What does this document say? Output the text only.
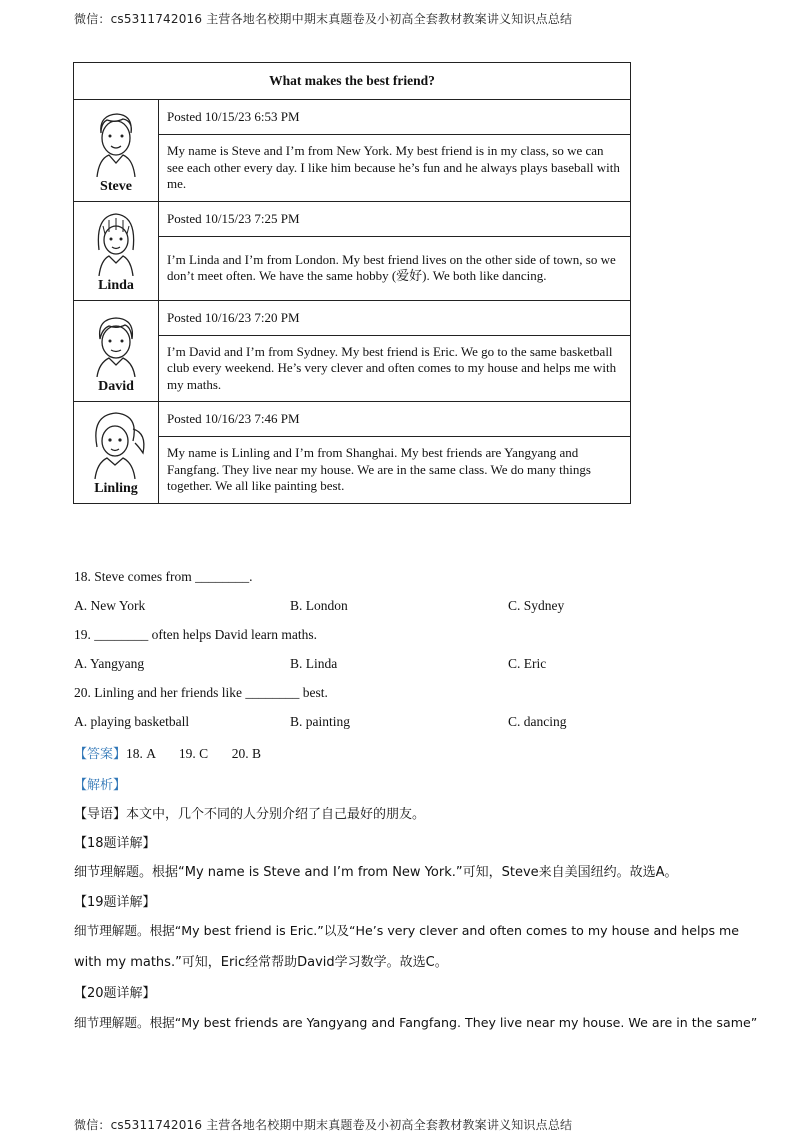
微信：cs5311742016 主营各地名校期中期末真题卷及小初高全套教材教案讲义知识点总结
What makes the best friend?	

Steve	Posted 10/15/23 6:53 PM
	My name is Steve and I’m from New York. My best friend is in my class, so we can see each other every day. I like him because he’s fun and he always plays baseball with me.

Linda	Posted 10/15/23 7:25 PM
	I’m Linda and I’m from London. My best friend lives on the other side of town, so we don’t meet often. We have the same hobby (爱好). We both like dancing.

David	Posted 10/16/23 7:20 PM
	I’m David and I’m from Sydney. My best friend is Eric. We go to the same basketball club every weekend. He’s very clever and often comes to my house and helps me with my maths.

Linling	Posted 10/16/23 7:46 PM
	My name is Linling and I’m from Shanghai. My best friends are Yangyang and Fangfang. They live near my house. We are in the same class. We do many things together. We all like painting best.
18. Steve comes from ________.
A. New York	B. London	C. Sydney
19. ________ often helps David learn maths.
A. Yangyang	B. Linda	C. Eric
20. Linling and her friends like ________ best.
A. playing basketball	B. painting	C. dancing
【答案】18. A       19. C       20. B
【解析】
【导语】本文中，几个不同的人分别介绍了自己最好的朋友。
【18题详解】
细节理解题。根据“My name is Steve and I’m from New York.”可知，Steve来自美国纽约。故选A。
【19题详解】
细节理解题。根据“My best friend is Eric.”以及“He’s very clever and often comes to my house and helps me
with my maths.”可知，Eric经常帮助David学习数学。故选C。
【20题详解】
细节理解题。根据“My best friends are Yangyang and Fangfang. They live near my house. We are in the same”
微信：cs5311742016 主营各地名校期中期末真题卷及小初高全套教材教案讲义知识点总结
